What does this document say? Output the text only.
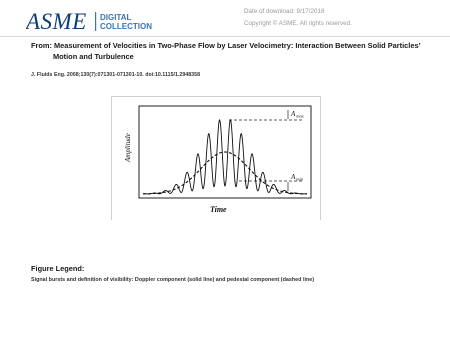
ASME DIGITAL
COLLECTION
Date of download: 9/17/2018
Copyright © ASME. All rights reserved.
From: Measurement of Velocities in Two-Phase Flow by Laser Velocimetry: Interaction Between Solid Particles’ Motion and Turbulence
J. Fluids Eng. 2008;130(7):071301-071301-10. doi:10.1115/1.2948358
$A_{max}$
$A_{min}$
Amplitude
Time
Figure Legend:
Signal bursts and definition of visibility: Doppler component (solid line) and pedestal component (dashed line)
